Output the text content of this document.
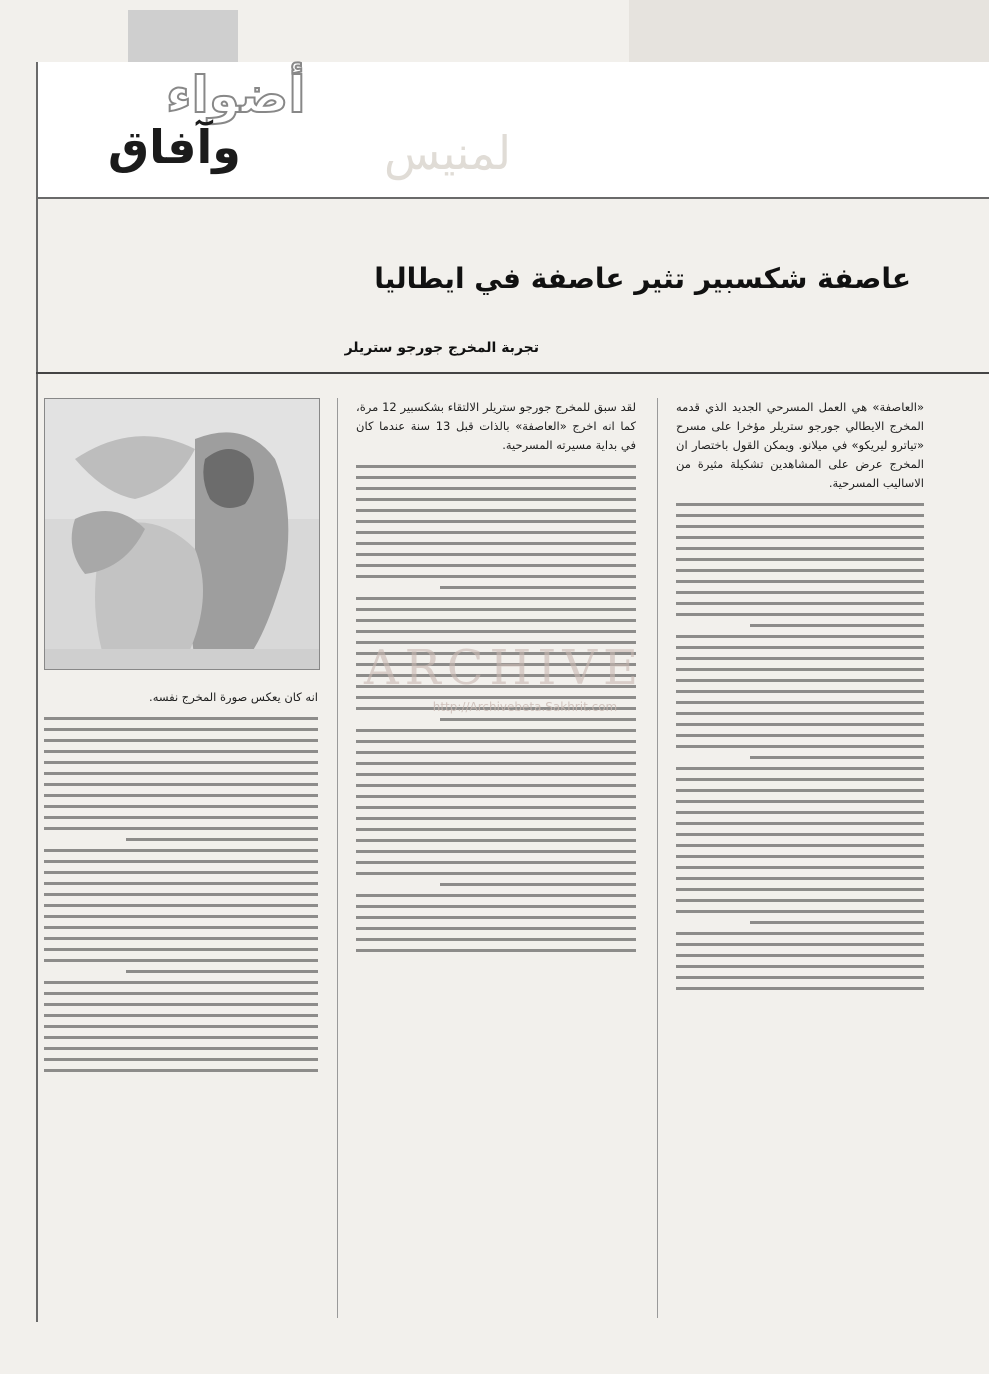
أضواء
وآفاق	لمنيس
عاصفة شكسبير تثير عاصفة في ايطاليا
تجربة المخرج جورجو ستريلر

«العاصفة» هي العمل المسرحي الجديد الذي قدمه المخرج الايطالي جورجو ستريلر مؤخرا على مسرح «تياترو ليريكو» في ميلانو. ويمكن القول باختصار ان المخرج عرض على المشاهدين تشكيلة مثيرة من الاساليب المسرحية.

لقد سبق للمخرج جورجو ستريلر الالتقاء بشكسبير 12 مرة، كما انه اخرج «العاصفة» بالذات قبل 13 سنة عندما كان في بداية مسيرته المسرحية.

انه كان يعكس صورة المخرج نفسه.

ARCHIVE
http://Archivebeta.Sakhrit.com
